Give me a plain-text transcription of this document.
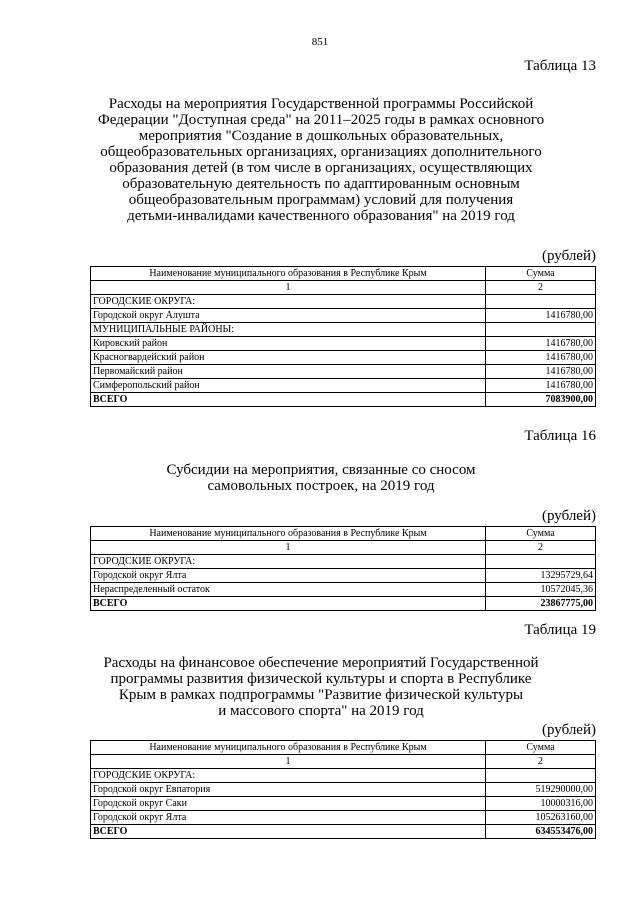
851
Таблица 13
Расходы на мероприятия Государственной программы Российской
Федерации "Доступная среда" на 2011–2025 годы в рамках основного
мероприятия "Создание в дошкольных образовательных,
общеобразовательных организациях, организациях дополнительного
образования детей (в том числе в организациях, осуществляющих
образовательную деятельность по адаптированным основным
общеобразовательным программам) условий для получения
детьми-инвалидами качественного образования" на 2019 год
(рублей)
Наименование муниципального образования в Республике Крым	Сумма
1	2
ГОРОДСКИЕ ОКРУГА:	
Городской округ Алушта	1416780,00
МУНИЦИПАЛЬНЫЕ РАЙОНЫ:	
Кировский район	1416780,00
Красногвардейский район	1416780,00
Первомайский район	1416780,00
Симферопольский район	1416780,00
ВСЕГО	7083900,00
Таблица 16
Субсидии на мероприятия, связанные со сносом
самовольных построек, на 2019 год
(рублей)
Наименование муниципального образования в Республике Крым	Сумма
1	2
ГОРОДСКИЕ ОКРУГА:	
Городской округ Ялта	13295729,64
Нераспределенный остаток	10572045,36
ВСЕГО	23867775,00
Таблица 19
Расходы на финансовое обеспечение мероприятий Государственной
программы развития физической культуры и спорта в Республике
Крым в рамках подпрограммы "Развитие физической культуры
и массового спорта" на 2019 год
(рублей)
Наименование муниципального образования в Республике Крым	Сумма
1	2
ГОРОДСКИЕ ОКРУГА:	
Городской округ Евпатория	519290000,00
Городской округ Саки	10000316,00
Городской округ Ялта	105263160,00
ВСЕГО	634553476,00
